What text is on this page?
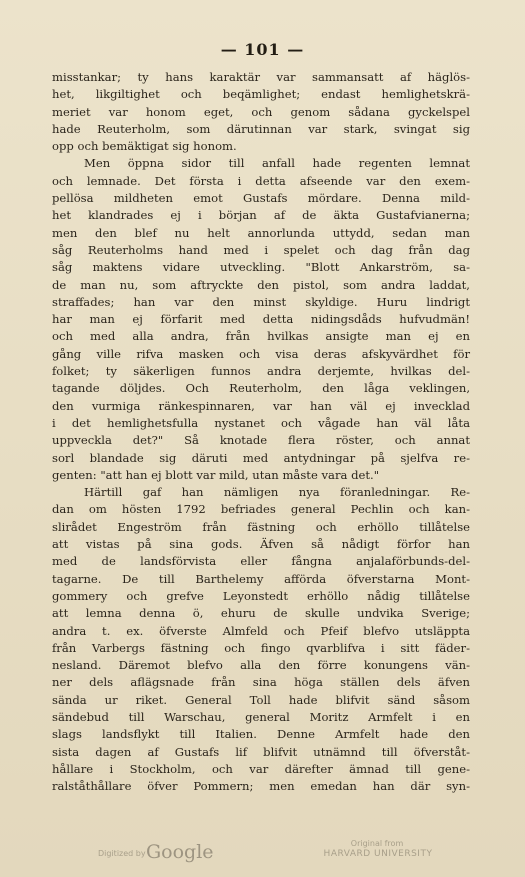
— 101 —
misstankar; ty hans karaktär var sammansatt af häglös-
het, likgiltighet och beqämlighet; endast hemlighetskrä-
meriet var honom eget, och genom sådana gyckelspel
hade Reuterholm, som därutinnan var stark, svingat sig
opp och bemäktigat sig honom.
Men öppna sidor till anfall hade regenten lemnat
och lemnade. Det första i detta afseende var den exem-
pellösa mildheten emot Gustafs mördare. Denna mild-
het klandrades ej i början af de äkta Gustafvianerna;
men den blef nu helt annorlunda uttydd, sedan man
såg Reuterholms hand med i spelet och dag från dag
såg maktens vidare utveckling. "Blott Ankarström, sa-
de man nu, som aftryckte den pistol, som andra laddat,
straffades; han var den minst skyldige. Huru lindrigt
har man ej förfarit med detta nidingsdåds hufvudmän!
och med alla andra, från hvilkas ansigte man ej en
gång ville rifva masken och visa deras afskyvärdhet för
folket; ty säkerligen funnos andra derjemte, hvilkas del-
tagande döljdes. Och Reuterholm, den låga veklingen,
den vurmiga ränkespinnaren, var han väl ej invecklad
i det hemlighetsfulla nystanet och vågade han väl låta
uppveckla det?" Så knotade flera röster, och annat
sorl blandade sig däruti med antydningar på sjelfva re-
genten: "att han ej blott var mild, utan måste vara det."
Härtill gaf han nämligen nya föranledningar. Re-
dan om hösten 1792 befriades general Pechlin och kan-
slirådet Engeström från fästning och erhöllo tillåtelse
att vistas på sina gods. Äfven så nådigt förfor han
med de landsförvista eller fångna anjalaförbunds-del-
tagarne. De till Barthelemy afförda öfverstarna Mont-
gommery och grefve Leyonstedt erhöllo nådig tillåtelse
att lemna denna ö, ehuru de skulle undvika Sverige;
andra t. ex. öfverste Almfeld och Pfeif blefvo utsläppta
från Varbergs fästning och fingo qvarblifva i sitt fäder-
nesland. Däremot blefvo alla den förre konungens vän-
ner dels aflägsnade från sina höga ställen dels äfven
sända ur riket. General Toll hade blifvit sänd såsom
sändebud till Warschau, general Moritz Armfelt i en
slags landsflykt till Italien. Denne Armfelt hade den
sista dagen af Gustafs lif blifvit utnämnd till öfverståt-
hållare i Stockholm, och var därefter ämnad till gene-
ralståthållare öfver Pommern; men emedan han där syn-
Digitized by Google	Original from
HARVARD UNIVERSITY
